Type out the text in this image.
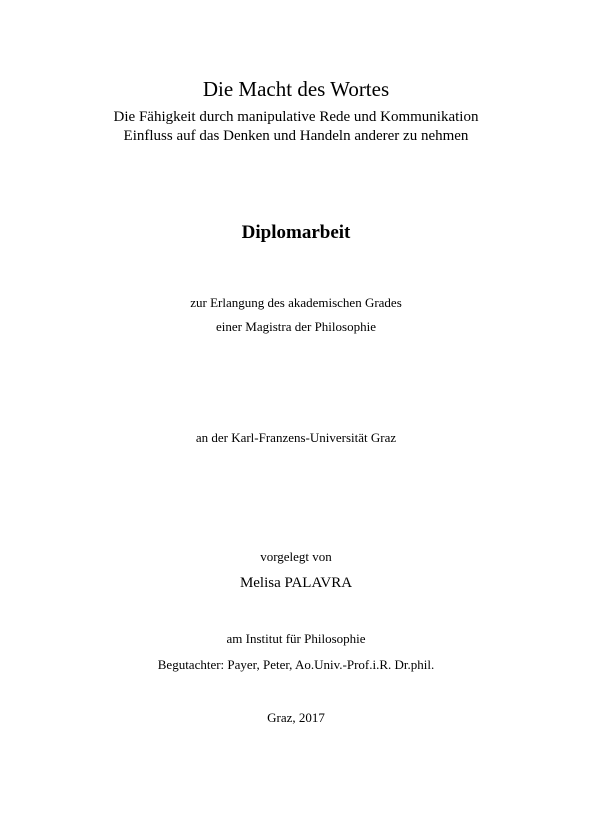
Die Macht des Wortes
Die Fähigkeit durch manipulative Rede und Kommunikation
Einfluss auf das Denken und Handeln anderer zu nehmen
Diplomarbeit
zur Erlangung des akademischen Grades
einer Magistra der Philosophie
an der Karl-Franzens-Universität Graz
vorgelegt von
Melisa PALAVRA
am Institut für Philosophie
Begutachter: Payer, Peter, Ao.Univ.-Prof.i.R. Dr.phil.
Graz, 2017
